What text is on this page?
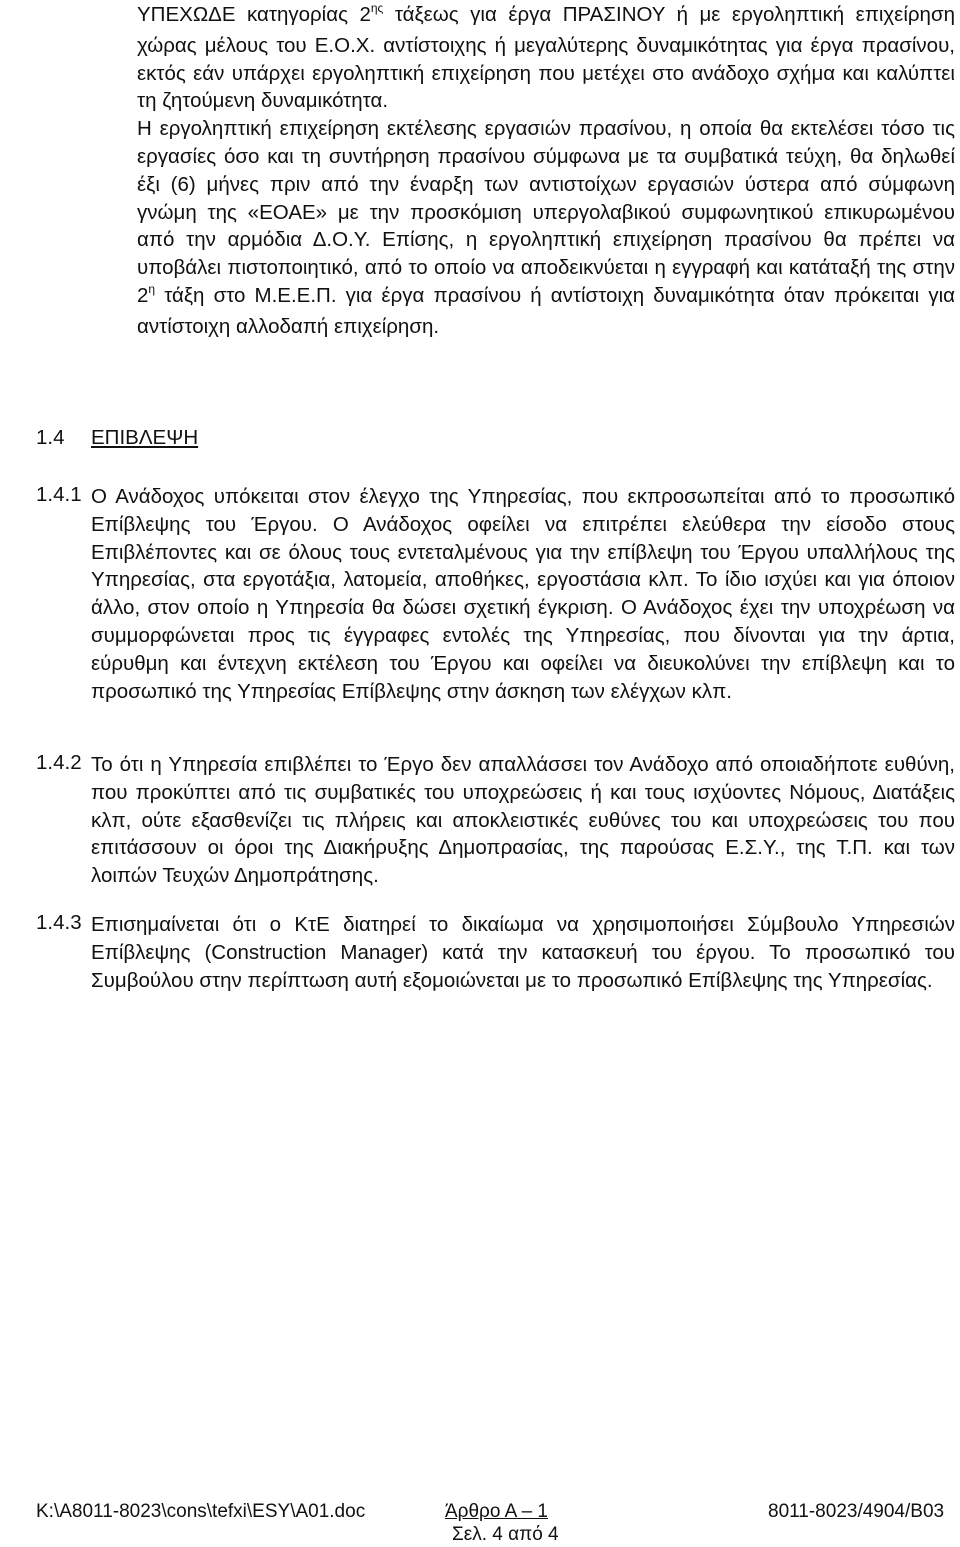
ΥΠΕΧΩΔΕ κατηγορίας $2^{\eta\varsigma}$ τάξεως για έργα ΠΡΑΣΙΝΟΥ ή με εργοληπτική επιχείρηση χώρας μέλους του Ε.Ο.Χ. αντίστοιχης ή μεγαλύτερης δυναμικότητας για έργα πρασίνου, εκτός εάν υπάρχει εργοληπτική επιχείρηση που μετέχει στο ανάδοχο σχήμα και καλύπτει τη ζητούμενη δυναμικότητα.

Η εργοληπτική επιχείρηση εκτέλεσης εργασιών πρασίνου, η οποία θα εκτελέσει τόσο τις εργασίες όσο και τη συντήρηση πρασίνου σύμφωνα με τα συμβατικά τεύχη, θα δηλωθεί έξι (6) μήνες πριν από την έναρξη των αντιστοίχων εργασιών ύστερα από σύμφωνη γνώμη της «ΕΟΑΕ» με την προσκόμιση υπεργολαβικού συμφωνητικού επικυρωμένου από την αρμόδια Δ.Ο.Υ. Επίσης, η εργοληπτική επιχείρηση πρασίνου θα πρέπει να υποβάλει πιστοποιητικό, από το οποίο να αποδεικνύεται η εγγραφή και κατάταξή της στην $2^\eta$ τάξη στο Μ.Ε.Ε.Π. για έργα πρασίνου ή αντίστοιχη δυναμικότητα όταν πρόκειται για αντίστοιχη αλλοδαπή επιχείρηση.

1.4 ΕΠΙΒΛΕΨΗ
1.4.1 Ο Ανάδοχος υπόκειται στον έλεγχο της Υπηρεσίας, που εκπροσωπείται από το προσωπικό Επίβλεψης του Έργου. Ο Ανάδοχος οφείλει να επιτρέπει ελεύθερα την είσοδο στους Επιβλέποντες και σε όλους τους εντεταλμένους για την επίβλεψη του Έργου υπαλλήλους της Υπηρεσίας, στα εργοτάξια, λατομεία, αποθήκες, εργοστάσια κλπ. Το ίδιο ισχύει και για όποιον άλλο, στον οποίο η Υπηρεσία θα δώσει σχετική έγκριση. Ο Ανάδοχος έχει την υποχρέωση να συμμορφώνεται προς τις έγγραφες εντολές της Υπηρεσίας, που δίνονται για την άρτια, εύρυθμη και έντεχνη εκτέλεση του Έργου και οφείλει να διευκολύνει την επίβλεψη και το προσωπικό της Υπηρεσίας Επίβλεψης στην άσκηση των ελέγχων κλπ.

1.4.2 Το ότι η Υπηρεσία επιβλέπει το Έργο δεν απαλλάσσει τον Ανάδοχο από οποιαδήποτε ευθύνη, που προκύπτει από τις συμβατικές του υποχρεώσεις ή και τους ισχύοντες Νόμους, Διατάξεις κλπ, ούτε εξασθενίζει τις πλήρεις και αποκλειστικές ευθύνες του και υποχρεώσεις του που επιτάσσουν οι όροι της Διακήρυξης Δημοπρασίας, της παρούσας Ε.Σ.Υ., της Τ.Π. και των λοιπών Τευχών Δημοπράτησης.

1.4.3 Επισημαίνεται ότι ο ΚτΕ διατηρεί το δικαίωμα να χρησιμοποιήσει Σύμβουλο Υπηρεσιών Επίβλεψης (Construction Manager) κατά την κατασκευή του έργου. Το προσωπικό του Συμβούλου στην περίπτωση αυτή εξομοιώνεται με το προσωπικό Επίβλεψης της Υπηρεσίας.

K:\A8011-8023\cons\tefxi\ESY\A01.doc	Άρθρο Α – 1	8011-8023/4904/B03
Σελ. 4 από 4
